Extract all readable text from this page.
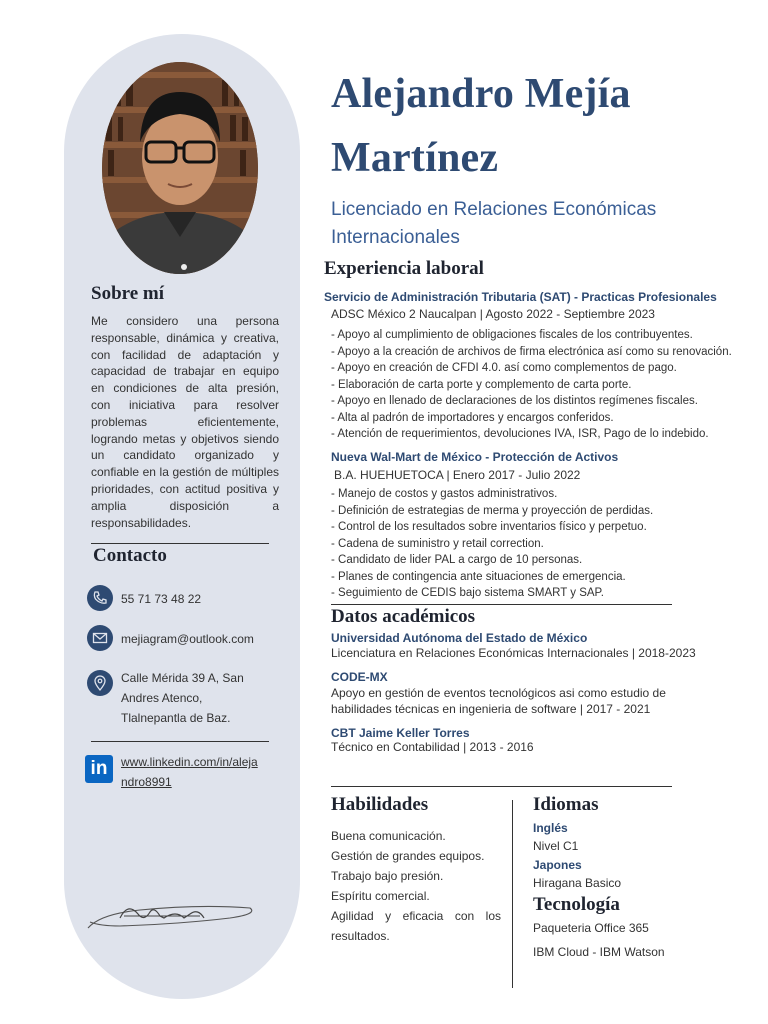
Sobre mí
Me considero una persona responsable, dinámica y creativa, con facilidad de adaptación y capacidad de trabajar en equipo en condiciones de alta presión, con iniciativa para resolver problemas eficientemente, logrando metas y objetivos siendo un candidato organizado y confiable en la gestión de múltiples prioridades, con actitud positiva y amplia disposición a responsabilidades.
Contacto
55 71 73 48 22
mejiagram@outlook.com
Calle Mérida 39 A, San
Andres Atenco,
Tlalnepantla de Baz.
in	www.linkedin.com/in/aleja
ndro8991
Alejandro Mejía
Martínez
Licenciado en Relaciones Económicas Internacionales
Experiencia laboral
Servicio de Administración Tributaria (SAT) - Practicas Profesionales
ADSC México 2 Naucalpan | Agosto 2022 - Septiembre 2023
- Apoyo al cumplimiento de obligaciones fiscales de los contribuyentes.
- Apoyo a la creación de archivos de firma electrónica así como su renovación.
- Apoyo en creación de CFDI 4.0. así como complementos de pago.
- Elaboración de carta porte y complemento de carta porte.
- Apoyo en llenado de declaraciones de los distintos regímenes fiscales.
- Alta al padrón de importadores y encargos conferidos.
- Atención de requerimientos, devoluciones IVA, ISR, Pago de lo indebido.
Nueva Wal-Mart de México - Protección de Activos
B.A. HUEHUETOCA | Enero 2017 - Julio 2022
- Manejo de costos y gastos administrativos.
- Definición de estrategias de merma y proyección de perdidas.
- Control de los resultados sobre inventarios físico y perpetuo.
- Cadena de suministro y retail correction.
- Candidato de lider PAL a cargo de 10 personas.
- Planes de contingencia ante situaciones de emergencia.
- Seguimiento de CEDIS bajo sistema SMART y SAP.
Datos académicos
Universidad Autónoma del Estado de México
Licenciatura en Relaciones Económicas Internacionales | 2018-2023
CODE-MX
Apoyo en gestión de eventos tecnológicos asi como estudio de
habilidades técnicas en ingenieria de software | 2017 - 2021
CBT Jaime Keller Torres
Técnico en Contabilidad | 2013 - 2016
Habilidades
Buena comunicación.
Gestión de grandes equipos.
Trabajo bajo presión.
Espíritu comercial.
Agilidad y eficacia con los resultados.
Idiomas
Inglés
Nivel C1
Japones
Hiragana Basico
Tecnología
Paqueteria Office 365
IBM Cloud - IBM Watson
